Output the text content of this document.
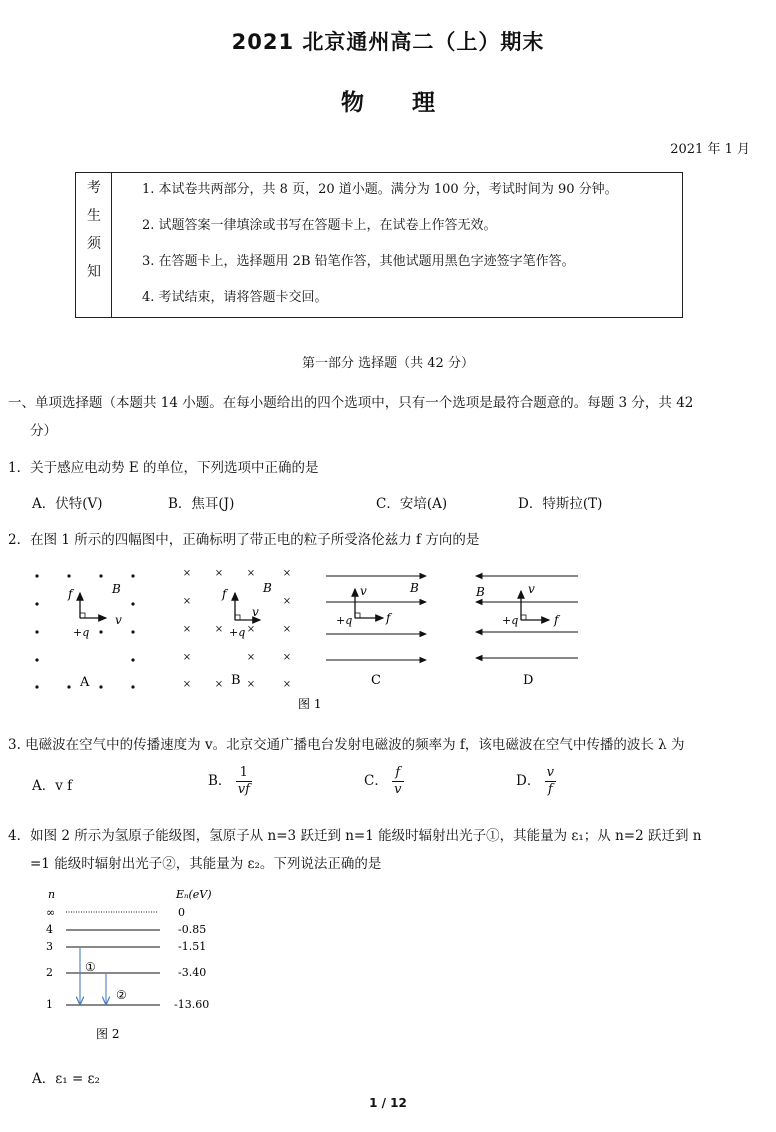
2021 北京通州高二（上）期末
物 理
2021 年 1 月
考
生
须
知
1. 本试卷共两部分，共 8 页，20 道小题。满分为 100 分，考试时间为 90 分钟。
2. 试题答案一律填涂或书写在答题卡上，在试卷上作答无效。
3. 在答题卡上，选择题用 2B 铅笔作答，其他试题用黑色字迹签字笔作答。
4. 考试结束，请将答题卡交回。
第一部分 选择题（共 42 分）
一、单项选择题（本题共 14 小题。在每小题给出的四个选项中，只有一个选项是最符合题意的。每题 3 分，共 42
分）
1．关于感应电动势 E 的单位，下列选项中正确的是
A．伏特(V)	B．焦耳(J)	C．安培(A)	D．特斯拉(T)
2．在图 1 所示的四幅图中，正确标明了带正电的粒子所受洛伦兹力 f 方向的是
f	B
v
+q
A
× × ×	×
×	×
× × ×	×
×	×	×
× × ×	×
f	B
v
+q
B
v	B
f
+q
C
v
B
f
+q
D
图 1
3. 电磁波在空气中的传播速度为 v。北京交通广播电台发射电磁波的频率为 f，该电磁波在空气中传播的波长 λ 为
A．v f	B． $\frac{1}{vf}$	C． $\frac{f}{v}$	D． $\frac{v}{f}$
4．如图 2 所示为氢原子能级图，氢原子从 n=3 跃迁到 n=1 能级时辐射出光子①，其能量为 ε₁；从 n=2 跃迁到 n
=1 能级时辐射出光子②，其能量为 ε₂。下列说法正确的是
n	Eₙ(eV)
∞	0
4	-0.85
3	-1.51
2	-3.40
1	-13.60
①
②
图 2
A．ε₁ = ε₂
1 / 12
